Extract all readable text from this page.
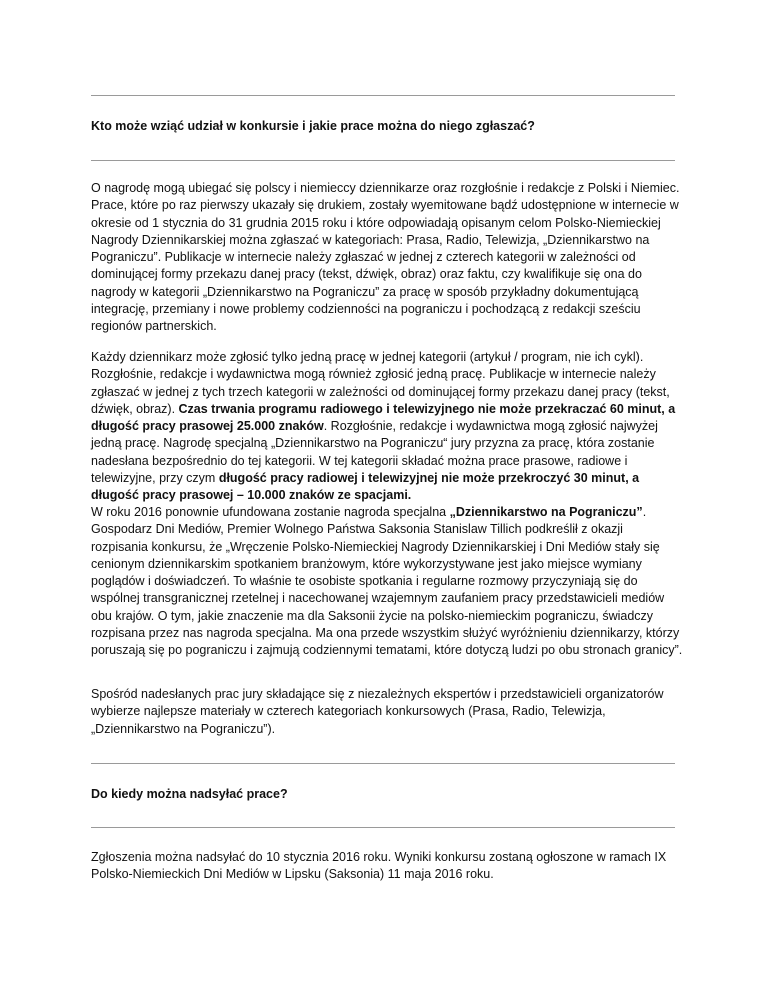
Kto może wziąć udział w konkursie i jakie prace można do niego zgłaszać?

O nagrodę mogą ubiegać się polscy i niemieccy dziennikarze oraz rozgłośnie i redakcje z Polski i Niemiec. Prace, które po raz pierwszy ukazały się drukiem, zostały wyemitowane bądź udostępnione w internecie w okresie od 1 stycznia do 31 grudnia 2015 roku i które odpowiadają opisanym celom Polsko-Niemieckiej Nagrody Dziennikarskiej można zgłaszać w kategoriach: Prasa, Radio, Telewizja, „Dziennikarstwo na Pograniczu”. Publikacje w internecie należy zgłaszać w jednej z czterech kategorii w zależności od dominującej formy przekazu danej pracy (tekst, dźwięk, obraz) oraz faktu, czy kwalifikuje się ona do nagrody w kategorii „Dziennikarstwo na Pograniczu” za pracę w sposób przykładny dokumentującą integrację, przemiany i nowe problemy codzienności na pograniczu i pochodzącą z redakcji sześciu regionów partnerskich.

Każdy dziennikarz może zgłosić tylko jedną pracę w jednej kategorii (artykuł / program, nie ich cykl). Rozgłośnie, redakcje i wydawnictwa mogą również zgłosić jedną pracę. Publikacje w internecie należy zgłaszać w jednej z tych trzech kategorii w zależności od dominującej formy przekazu danej pracy (tekst, dźwięk, obraz). Czas trwania programu radiowego i telewizyjnego nie może przekraczać 60 minut, a długość pracy prasowej 25.000 znaków. Rozgłośnie, redakcje i wydawnictwa mogą zgłosić najwyżej jedną pracę. Nagrodę specjalną „Dziennikarstwo na Pograniczu“ jury przyzna za pracę, która zostanie nadesłana bezpośrednio do tej kategorii. W tej kategorii składać można prace prasowe, radiowe i telewizyjne, przy czym długość pracy radiowej i telewizyjnej nie może przekroczyć 30 minut, a długość pracy prasowej – 10.000 znaków ze spacjami.

W roku 2016 ponownie ufundowana zostanie nagroda specjalna „Dziennikarstwo na Pograniczu”. Gospodarz Dni Mediów, Premier Wolnego Państwa Saksonia Stanislaw Tillich podkreślił z okazji rozpisania konkursu, że „Wręczenie Polsko-Niemieckiej Nagrody Dziennikarskiej i Dni Mediów stały się cenionym dziennikarskim spotkaniem branżowym, które wykorzystywane jest jako miejsce wymiany poglądów i doświadczeń. To właśnie te osobiste spotkania i regularne rozmowy przyczyniają się do wspólnej transgranicznej rzetelnej i nacechowanej wzajemnym zaufaniem pracy przedstawicieli mediów obu krajów. O tym, jakie znaczenie ma dla Saksonii życie na polsko-niemieckim pograniczu, świadczy rozpisana przez nas nagroda specjalna. Ma ona przede wszystkim służyć wyróżnieniu dziennikarzy, którzy poruszają się po pograniczu i zajmują codziennymi tematami, które dotyczą ludzi po obu stronach granicy”.

Spośród nadesłanych prac jury składające się z niezależnych ekspertów i przedstawicieli organizatorów wybierze najlepsze materiały w czterech kategoriach konkursowych (Prasa, Radio, Telewizja, „Dziennikarstwo na Pograniczu”).

Do kiedy można nadsyłać prace?

Zgłoszenia można nadsyłać do 10 stycznia 2016 roku. Wyniki konkursu zostaną ogłoszone w ramach IX Polsko-Niemieckich Dni Mediów w Lipsku (Saksonia) 11 maja 2016 roku.
